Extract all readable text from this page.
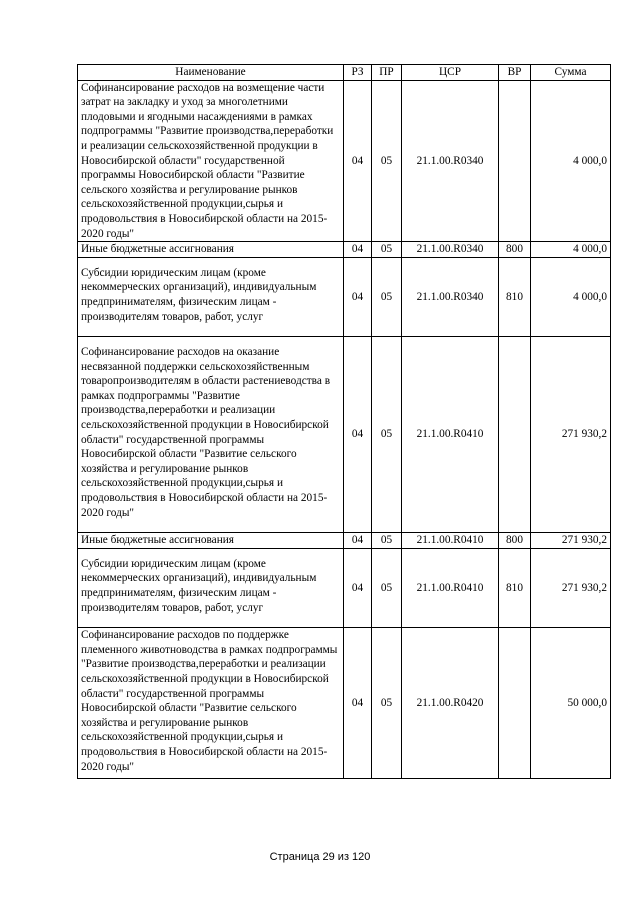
Наименование	РЗ	ПР	ЦСР	ВР	Сумма
Софинансирование расходов на возмещение части затрат на закладку и уход за многолетними плодовыми и ягодными насаждениями в рамках подпрограммы "Развитие производства,переработки и реализации сельскохозяйственной продукции в Новосибирской области" государственной программы Новосибирской области "Развитие сельского хозяйства и регулирование рынков сельскохозяйственной продукции,сырья и продовольствия в Новосибирской области на 2015-2020 годы"	04	05	21.1.00.R0340		4 000,0
Иные бюджетные ассигнования	04	05	21.1.00.R0340	800	4 000,0
Субсидии юридическим лицам (кроме некоммерческих организаций), индивидуальным предпринимателям, физическим лицам - производителям товаров, работ, услуг	04	05	21.1.00.R0340	810	4 000,0
Софинансирование расходов на оказание несвязанной поддержки сельскохозяйственным товаропроизводителям в области растениеводства в рамках подпрограммы "Развитие производства,переработки и реализации сельскохозяйственной продукции в Новосибирской области" государственной программы Новосибирской области "Развитие сельского хозяйства и регулирование рынков сельскохозяйственной продукции,сырья и продовольствия в Новосибирской области на 2015-2020 годы"	04	05	21.1.00.R0410		271 930,2
Иные бюджетные ассигнования	04	05	21.1.00.R0410	800	271 930,2
Субсидии юридическим лицам (кроме некоммерческих организаций), индивидуальным предпринимателям, физическим лицам - производителям товаров, работ, услуг	04	05	21.1.00.R0410	810	271 930,2
Софинансирование расходов по поддержке племенного животноводства в рамках подпрограммы "Развитие производства,переработки и реализации сельскохозяйственной продукции в Новосибирской области" государственной программы Новосибирской области "Развитие сельского хозяйства и регулирование рынков сельскохозяйственной продукции,сырья и продовольствия в Новосибирской области на 2015-2020 годы"	04	05	21.1.00.R0420		50 000,0
Страница 29 из 120
